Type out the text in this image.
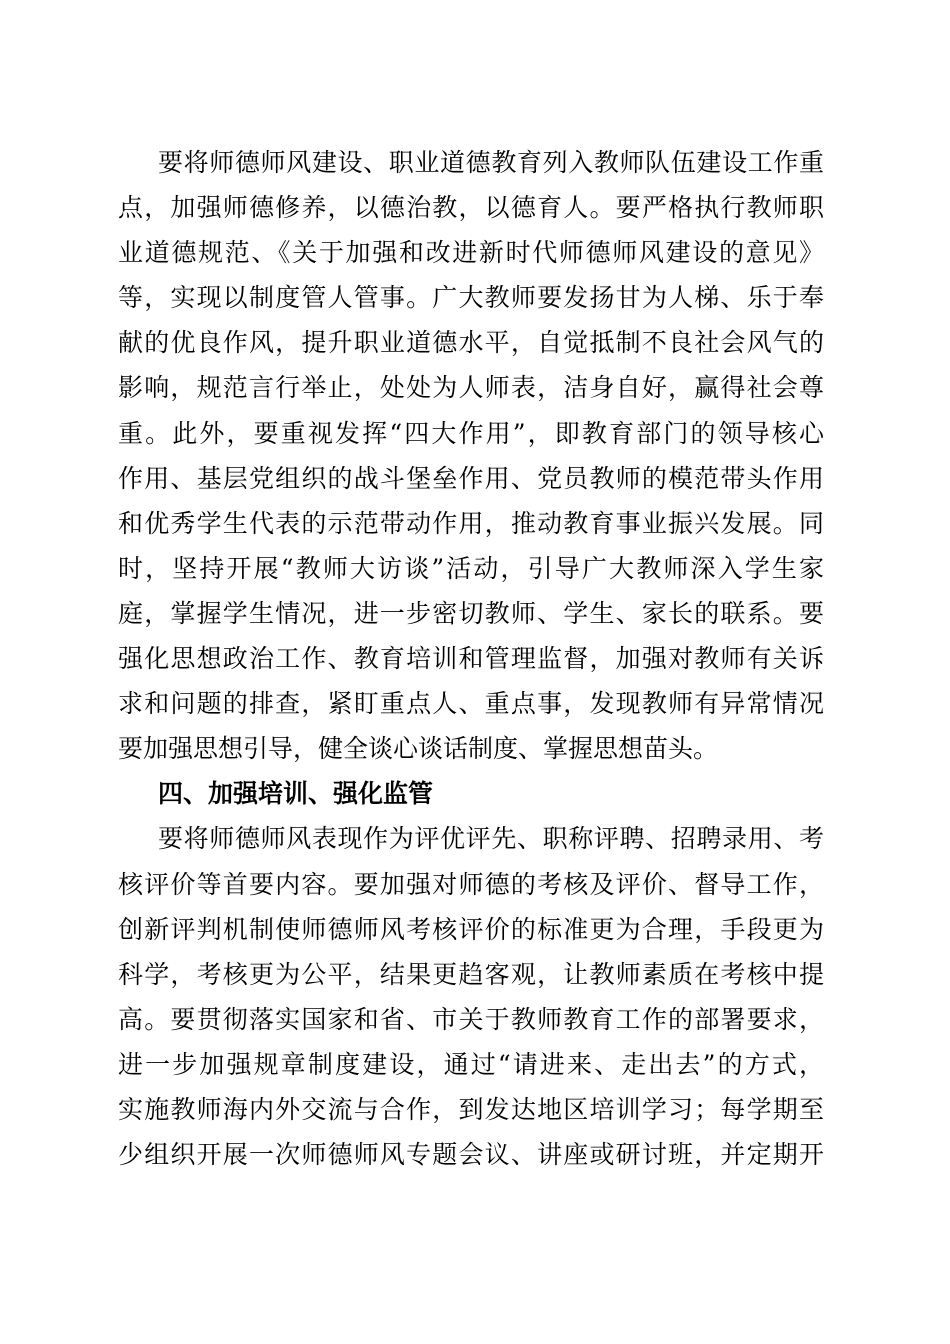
要将师德师风建设、职业道德教育列入教师队伍建设工作重
点，加强师德修养，以德治教，以德育人。要严格执行教师职
业道德规范、《关于加强和改进新时代师德师风建设的意见》
等，实现以制度管人管事。广大教师要发扬甘为人梯、乐于奉
献的优良作风，提升职业道德水平，自觉抵制不良社会风气的
影响，规范言行举止，处处为人师表，洁身自好，赢得社会尊
重。此外，要重视发挥“四大作用”，即教育部门的领导核心
作用、基层党组织的战斗堡垒作用、党员教师的模范带头作用
和优秀学生代表的示范带动作用，推动教育事业振兴发展。同
时，坚持开展“教师大访谈”活动，引导广大教师深入学生家
庭，掌握学生情况，进一步密切教师、学生、家长的联系。要
强化思想政治工作、教育培训和管理监督，加强对教师有关诉
求和问题的排查，紧盯重点人、重点事，发现教师有异常情况
要加强思想引导，健全谈心谈话制度、掌握思想苗头。
四、加强培训、强化监管
要将师德师风表现作为评优评先、职称评聘、招聘录用、考
核评价等首要内容。要加强对师德的考核及评价、督导工作，
创新评判机制使师德师风考核评价的标准更为合理，手段更为
科学，考核更为公平，结果更趋客观，让教师素质在考核中提
高。要贯彻落实国家和省、市关于教师教育工作的部署要求，
进一步加强规章制度建设，通过“请进来、走出去”的方式，
实施教师海内外交流与合作，到发达地区培训学习；每学期至
少组织开展一次师德师风专题会议、讲座或研讨班，并定期开
